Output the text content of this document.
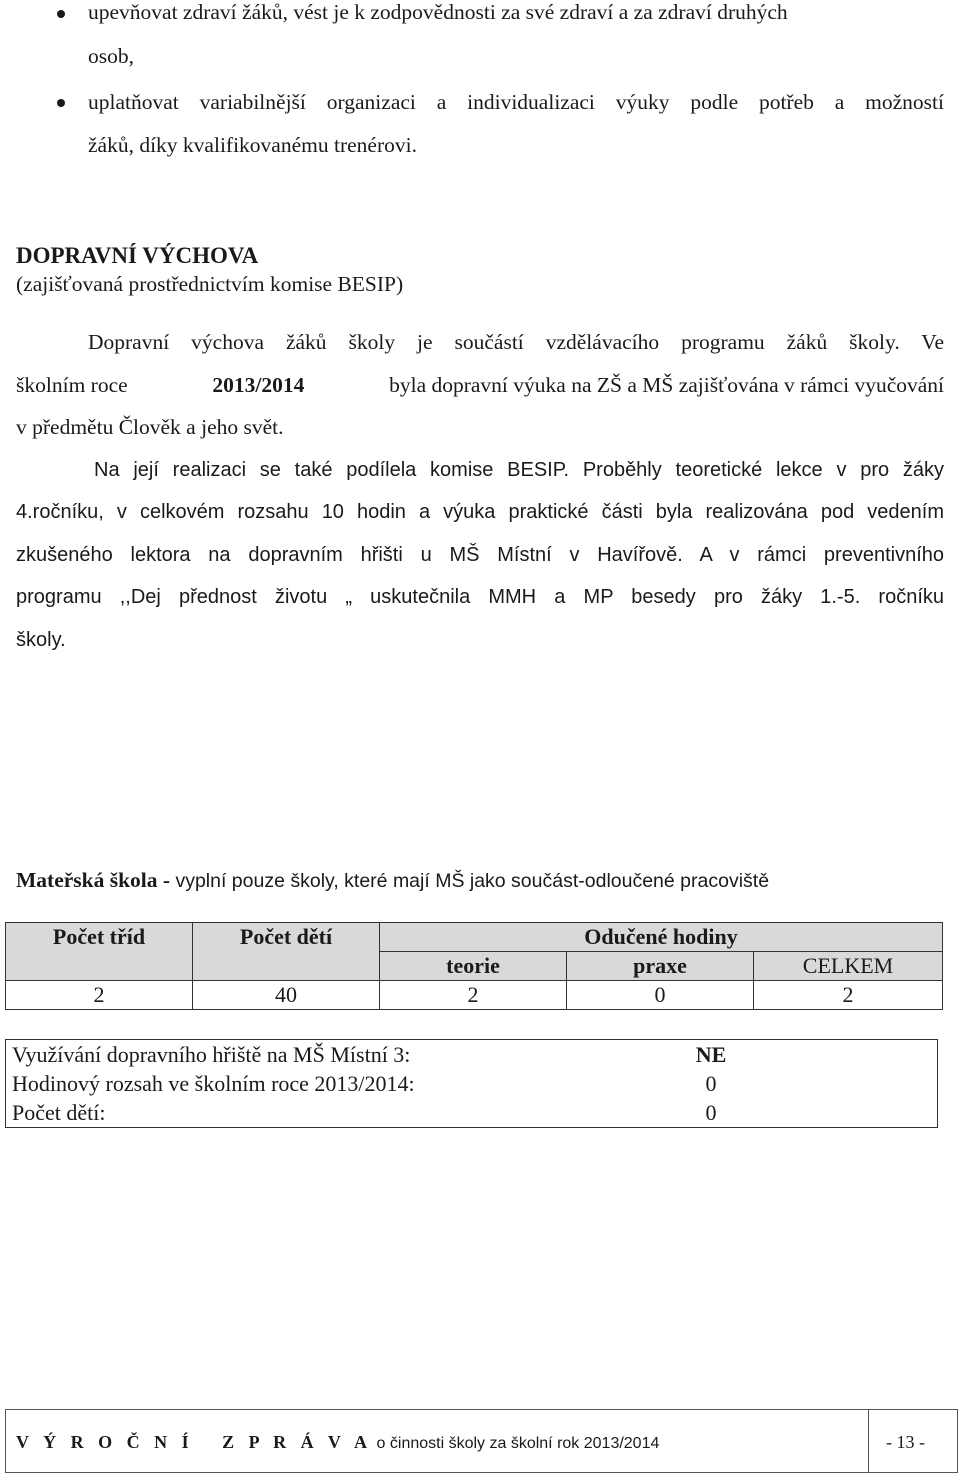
upevňovat zdraví žáků, vést je k zodpovědnosti za své zdraví a za zdraví druhých
osob,
uplatňovat variabilnější organizaci a individualizaci výuky podle potřeb a možností
žáků, díky kvalifikovanému trenérovi.
DOPRAVNÍ VÝCHOVA
(zajišťovaná prostřednictvím komise BESIP)
Dopravní výchova žáků školy je součástí vzdělávacího programu žáků školy. Ve
školním roce	2013/2014	byla dopravní výuka na ZŠ a MŠ zajišťována v rámci vyučování
v předmětu Člověk a jeho svět.
Na její realizaci se také podílela komise BESIP. Proběhly teoretické lekce v pro žáky
4.ročníku, v celkovém rozsahu 10 hodin a výuka praktické části byla realizována pod vedením
zkušeného lektora na dopravním hřišti u MŠ Místní v Havířově. A v rámci preventivního
programu ,,Dej přednost životu „ uskutečnila MMH a MP besedy pro žáky 1.-5. ročníku
školy.
Mateřská škola - vyplní pouze školy, které mají MŠ jako součást-odloučené pracoviště
Počet tříd	Počet dětí	Odučené hodiny		
		teorie	praxe	CELKEM
2	40	2	0	2
Využívání dopravního hřiště na MŠ Místní 3:	NE
Hodinový rozsah ve školním roce 2013/2014:	0
Počet dětí:	0
V Ý R O Č N Í   Z P R Á V A o činnosti školy za školní rok 2013/2014	- 13 -
